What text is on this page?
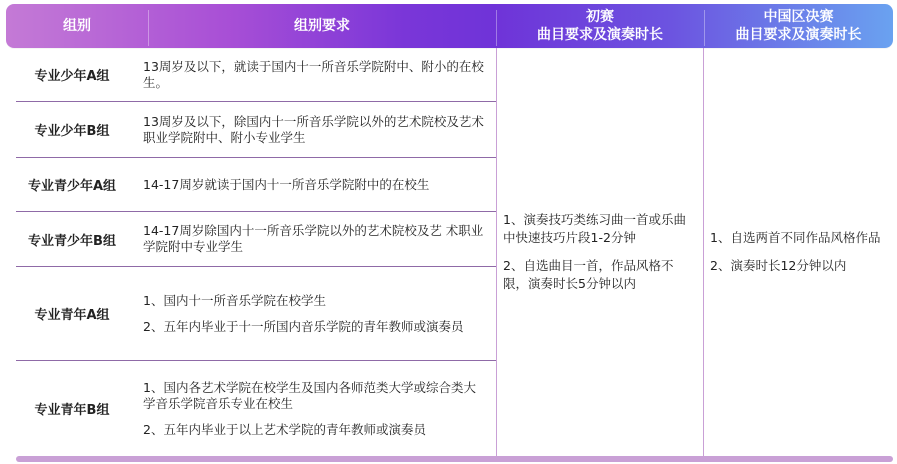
组别	组别要求
初赛
曲目要求及演奏时长
中国区决赛
曲目要求及演奏时长
专业少年A组

13周岁及以下，就读于国内十一所音乐学院附中、附小的在校生。

专业少年B组

13周岁及以下，除国内十一所音乐学院以外的艺术院校及艺术职业学院附中、附小专业学生

专业青少年A组	14-17周岁就读于国内十一所音乐学院附中的在校生

专业青少年B组

14-17周岁除国内十一所音乐学院以外的艺术院校及艺 术职业学院附中专业学生

专业青年A组

1、国内十一所音乐学院在校学生

2、五年内毕业于十一所国内音乐学院的青年教师或演奏员

专业青年B组

1、国内各艺术学院在校学生及国内各师范类大学或综合类大学音乐学院音乐专业在校生

2、五年内毕业于以上艺术学院的青年教师或演奏员

1、演奏技巧类练习曲一首或乐曲中快速技巧片段1-2分钟

2、自选曲目一首，作品风格不限，演奏时长5分钟以内

1、自选两首不同作品风格作品

2、演奏时长12分钟以内
